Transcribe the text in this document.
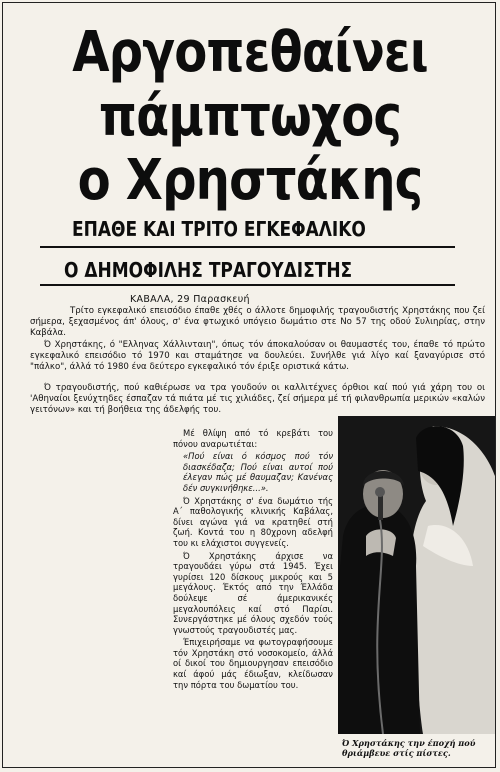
Αργοπεθαίνει
πάμπτωχος
ο Χρηστάκης
ΕΠΑΘΕ ΚΑΙ ΤΡΙΤΟ ΕΓΚΕΦΑΛΙΚΟ
Ο ΔΗΜΟΦΙΛΗΣ ΤΡΑΓΟΥΔΙΣΤΗΣ
ΚΑΒΑΛΑ, 29 Παρασκευή
Τρίτο εγκεφαλικό επεισόδιο έπαθε χθές ο άλλοτε δημοφιλής τραγουδιστής Χρηστάκης που ζεί σήμερα, ξεχασμένος άπ' όλους, σ' ένα φτωχικό υπόγειο δωμάτιο στε Νο 57 της οδού Συλιηρίας, στην Καβάλα.
Ό Χρηστάκης, ό "Ελληνας Χάλλινταιη", όπως τόν άποκαλούσαν οι θαυμαστές του, έπαθε τό πρώτο εγκεφαλικό επεισόδιο τό 1970 και σταμάτησε να δουλεύει. Συνήλθε γιά λίγο καί ξαναγύρισε στό "πάλκο", άλλά τό 1980 ένα δεύτερο εγκεφαλικό τόν έριξε οριστικά κάτω.
Ό τραγουδιστής, πού καθιέρωσε να τρα γουδούν οι καλλιτέχνες όρθιοι καί πού γιά χάρη του οι 'Αθηναίοι ξενύχτηδες έσπαζαν τά πιάτα μέ τις χιλιάδες, ζεί σήμερα μέ τή φιλανθρωπία μερικών «καλών γειτόνων» και τή βοήθεια της άδελφής του.

Μέ θλίψη από τό κρεβάτι του πόνου αναρωτιέται:

«Πού είναι ό κόσμος πού τόν διασκέδαζα; Πού είναι αυτοί πού έλεγαν πώς μέ θαυμαζαν; Κανένας δέν συγκινήθηκε...».

Ό Χρηστάκης σ' ένα δωμάτιο τής Α΄ παθολογικής κλινικής Καβάλας, δίνει αγώνα γιά να κρατηθεί στή ζωή. Κοντά του η 80χρονη αδελφή του κι ελάχιστοι συγγενείς.

Ό Χρηστάκης άρχισε να τραγουδάει γύρω στά 1945. Έχει γυρίσει 120 δίσκους μικρούς και 5 μεγάλους. Έκτός από την Έλλάδα δούλεψε σέ άμερικανικές μεγαλουπόλεις καί στό Παρίσι. Συνεργάστηκε μέ όλους σχεδόν τούς γνωστούς τραγουδιστές μας.

Έπιχειρήσαμε να φωτογραφήσουμε τόν Χρηστάκη στό νοσοκομείο, άλλά οί δικοί του δημιουργησαν επεισόδιο καί άφού μάς έδιωξαν, κλείδωσαν την πόρτα του δωματίου του.

Ό Χρηστάκης την έποχή πού θριάμβευε στίς πίστες.
